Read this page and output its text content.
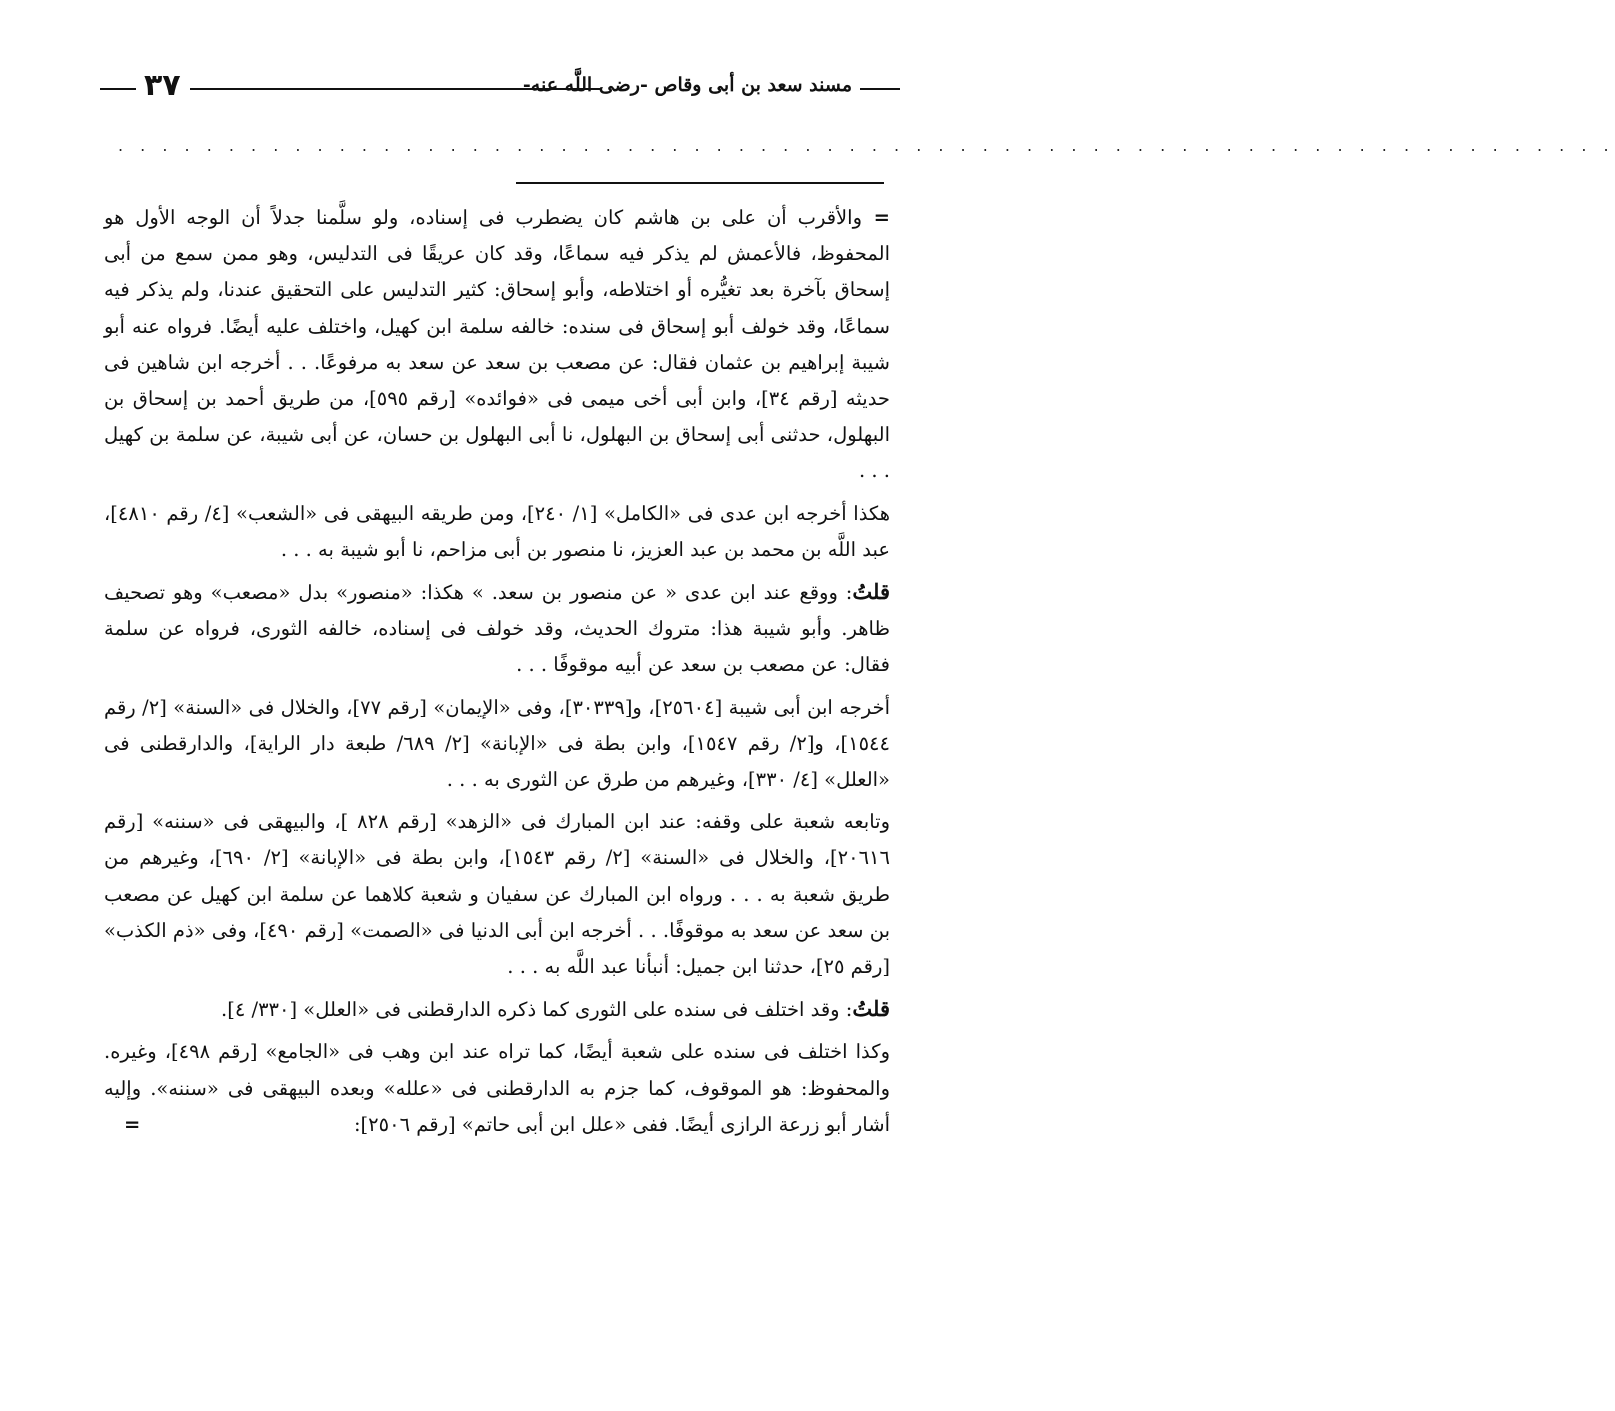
مسند سعد بن أبى وقاص -رضى اللَّه عنه-
٣٧
. . . . . . . . . . . . . . . . . . . . . . . . . . . . . . . . . . . . . . . . . . . . . . . . . . . . . . . . . . . . . . . . . . . .

=والأقرب أن على بن هاشم كان يضطرب فى إسناده، ولو سلَّمنا جدلاً أن الوجه الأول هو المحفوظ، فالأعمش لم يذكر فيه سماعًا، وقد كان عريقًا فى التدليس، وهو ممن سمع من أبى إسحاق بآخرة بعد تغيُّره أو اختلاطه، وأبو إسحاق: كثير التدليس على التحقيق عندنا، ولم يذكر فيه سماعًا، وقد خولف أبو إسحاق فى سنده: خالفه سلمة ابن كهيل، واختلف عليه أيضًا. فرواه عنه أبو شيبة إبراهيم بن عثمان فقال: عن مصعب بن سعد عن سعد به مرفوعًا. . . أخرجه ابن شاهين فى حديثه [رقم ٣٤]، وابن أبى أخى ميمى فى «فوائده» [رقم ٥٩٥]، من طريق أحمد بن إسحاق بن البهلول، حدثنى أبى إسحاق بن البهلول، نا أبى البهلول بن حسان، عن أبى شيبة، عن سلمة بن كهيل . . .

هكذا أخرجه ابن عدى فى «الكامل» [١/ ٢٤٠]، ومن طريقه البيهقى فى «الشعب» [٤/ رقم ٤٨١٠]، عبد اللَّه بن محمد بن عبد العزيز، نا منصور بن أبى مزاحم، نا أبو شيبة به . . .

قلتُ: ووقع عند ابن عدى « عن منصور بن سعد. » هكذا: «منصور» بدل «مصعب» وهو تصحيف ظاهر. وأبو شيبة هذا: متروك الحديث، وقد خولف فى إسناده، خالفه الثورى، فرواه عن سلمة فقال: عن مصعب بن سعد عن أبيه موقوفًا . . .

أخرجه ابن أبى شيبة [٢٥٦٠٤]، و[٣٠٣٣٩]، وفى «الإيمان» [رقم ٧٧]، والخلال فى «السنة» [٢/ رقم ١٥٤٤]، و[٢/ رقم ١٥٤٧]، وابن بطة فى «الإبانة» [٢/ ٦٨٩/ طبعة دار الراية]، والدارقطنى فى «العلل» [٤/ ٣٣٠]، وغيرهم من طرق عن الثورى به . . .

وتابعه شعبة على وقفه: عند ابن المبارك فى «الزهد» [رقم ٨٢٨ ]، والبيهقى فى «سننه» [رقم ٢٠٦١٦]، والخلال فى «السنة» [٢/ رقم ١٥٤٣]، وابن بطة فى «الإبانة» [٢/ ٦٩٠]، وغيرهم من طريق شعبة به . . . ورواه ابن المبارك عن سفيان و شعبة كلاهما عن سلمة ابن كهيل عن مصعب بن سعد عن سعد به موقوفًا. . . أخرجه ابن أبى الدنيا فى «الصمت» [رقم ٤٩٠]، وفى «ذم الكذب» [رقم ٢٥]، حدثنا ابن جميل: أنبأنا عبد اللَّه به . . .

قلتُ: وقد اختلف فى سنده على الثورى كما ذكره الدارقطنى فى «العلل» [٣٣٠/ ٤].

وكذا اختلف فى سنده على شعبة أيضًا، كما تراه عند ابن وهب فى «الجامع» [رقم ٤٩٨]، وغيره. والمحفوظ: هو الموقوف، كما جزم به الدارقطنى فى «علله» وبعده البيهقى فى «سننه». وإليه أشار أبو زرعة الرازى أيضًا. ففى «علل ابن أبى حاتم» [رقم ٢٥٠٦]:
=
